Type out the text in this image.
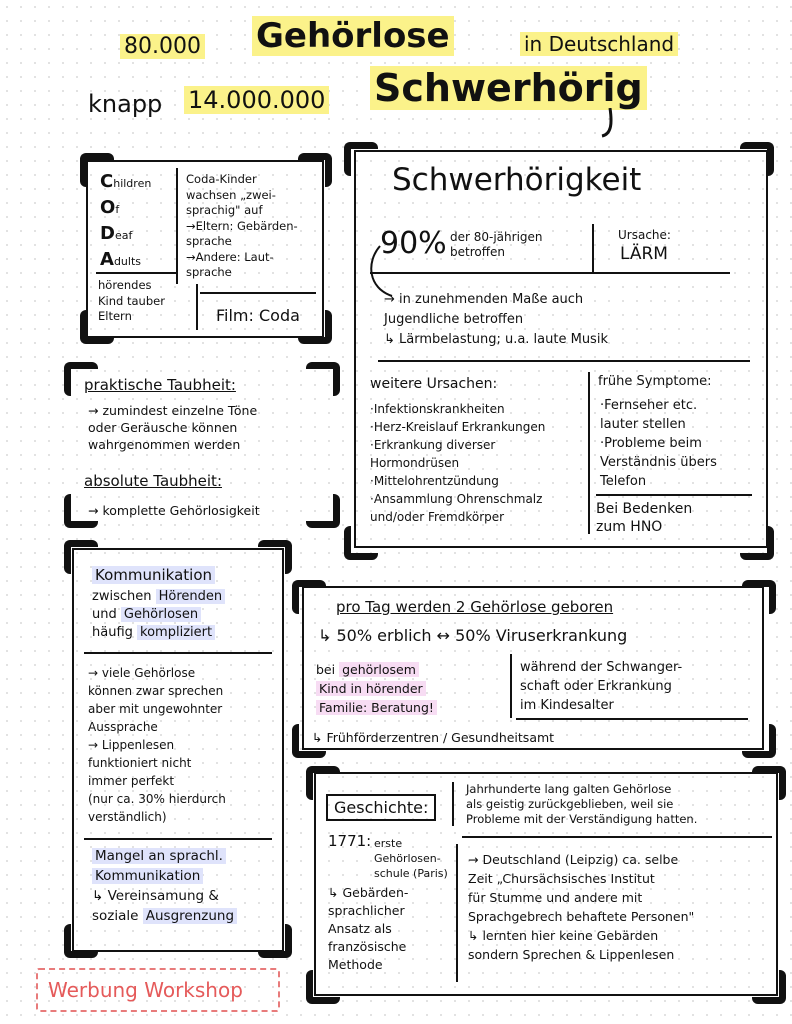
80.000 Gehörlose	in Deutschland
knapp 14.000.000 Schwerhörig
Children
Of
Deaf
Adults
Coda-Kinder
wachsen „zwei-
sprachig" auf
→Eltern: Gebärden-
sprache
→Andere: Laut-
sprache
hörendes
Kind tauber
Eltern	Film: Coda
praktische Taubheit:
→ zumindest einzelne Töne
oder Geräusche können
wahrgenommen werden
absolute Taubheit:
→ komplette Gehörlosigkeit
Schwerhörigkeit
90% der 80-jährigen
betroffen
Ursache:
LÄRM
→ in zunehmenden Maße auch
Jugendliche betroffen
↳ Lärmbelastung; u.a. laute Musik
weitere Ursachen:
·Infektionskrankheiten
·Herz-Kreislauf Erkrankungen
·Erkrankung diverser
Hormondrüsen
·Mittelohrentzündung
·Ansammlung Ohrenschmalz
und/oder Fremdkörper
frühe Symptome:
·Fernseher etc.
lauter stellen
·Probleme beim
Verständnis übers
Telefon
Bei Bedenken
zum HNO
Kommunikation
zwischen Hörenden
und Gehörlosen
häufig kompliziert
→ viele Gehörlose
können zwar sprechen
aber mit ungewohnter
Aussprache
→ Lippenlesen
funktioniert nicht
immer perfekt
(nur ca. 30% hierdurch
verständlich)
Mangel an sprachl.
Kommunikation
↳ Vereinsamung &
soziale Ausgrenzung
pro Tag werden 2 Gehörlose geboren
↳ 50% erblich ↔ 50% Viruserkrankung
bei gehörlosem
Kind in hörender
Familie: Beratung!
während der Schwanger-
schaft oder Erkrankung
im Kindesalter
↳ Frühförderzentren / Gesundheitsamt
Geschichte:
Jahrhunderte lang galten Gehörlose
als geistig zurückgeblieben, weil sie
Probleme mit der Verständigung hatten.
1771: erste
Gehörlosen-
schule (Paris)
↳ Gebärden-
sprachlicher
Ansatz als
französische
Methode
→ Deutschland (Leipzig) ca. selbe
Zeit „Chursächsisches Institut
für Stumme und andere mit
Sprachgebrech behaftete Personen"
↳ lernten hier keine Gebärden
sondern Sprechen & Lippenlesen
Werbung Workshop
